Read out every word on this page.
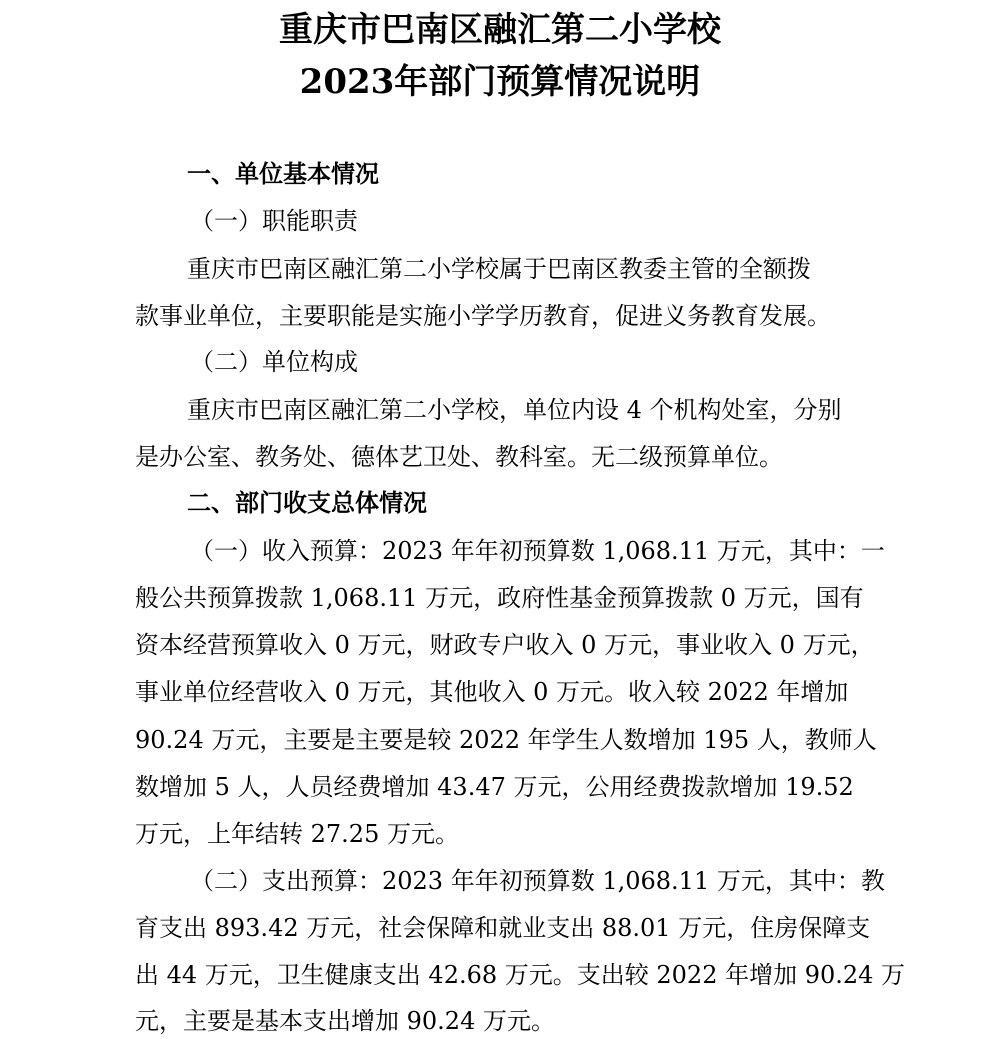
重庆市巴南区融汇第二小学校
2023年部门预算情况说明
一、单位基本情况
（一）职能职责
重庆市巴南区融汇第二小学校属于巴南区教委主管的全额拨
款事业单位，主要职能是实施小学学历教育，促进义务教育发展。
（二）单位构成
重庆市巴南区融汇第二小学校，单位内设 4 个机构处室，分别
是办公室、教务处、德体艺卫处、教科室。无二级预算单位。
二、部门收支总体情况
（一）收入预算：2023 年年初预算数 1,068.11 万元，其中：一
般公共预算拨款 1,068.11 万元，政府性基金预算拨款 0 万元，国有
资本经营预算收入 0 万元，财政专户收入 0 万元，事业收入 0 万元，
事业单位经营收入 0 万元，其他收入 0 万元。收入较 2022 年增加
90.24 万元，主要是主要是较 2022 年学生人数增加 195 人，教师人
数增加 5 人，人员经费增加 43.47 万元，公用经费拨款增加 19.52
万元，上年结转 27.25 万元。
（二）支出预算：2023 年年初预算数 1,068.11 万元，其中：教
育支出 893.42 万元，社会保障和就业支出 88.01 万元，住房保障支
出 44 万元，卫生健康支出 42.68 万元。支出较 2022 年增加 90.24 万
元，主要是基本支出增加 90.24 万元。
